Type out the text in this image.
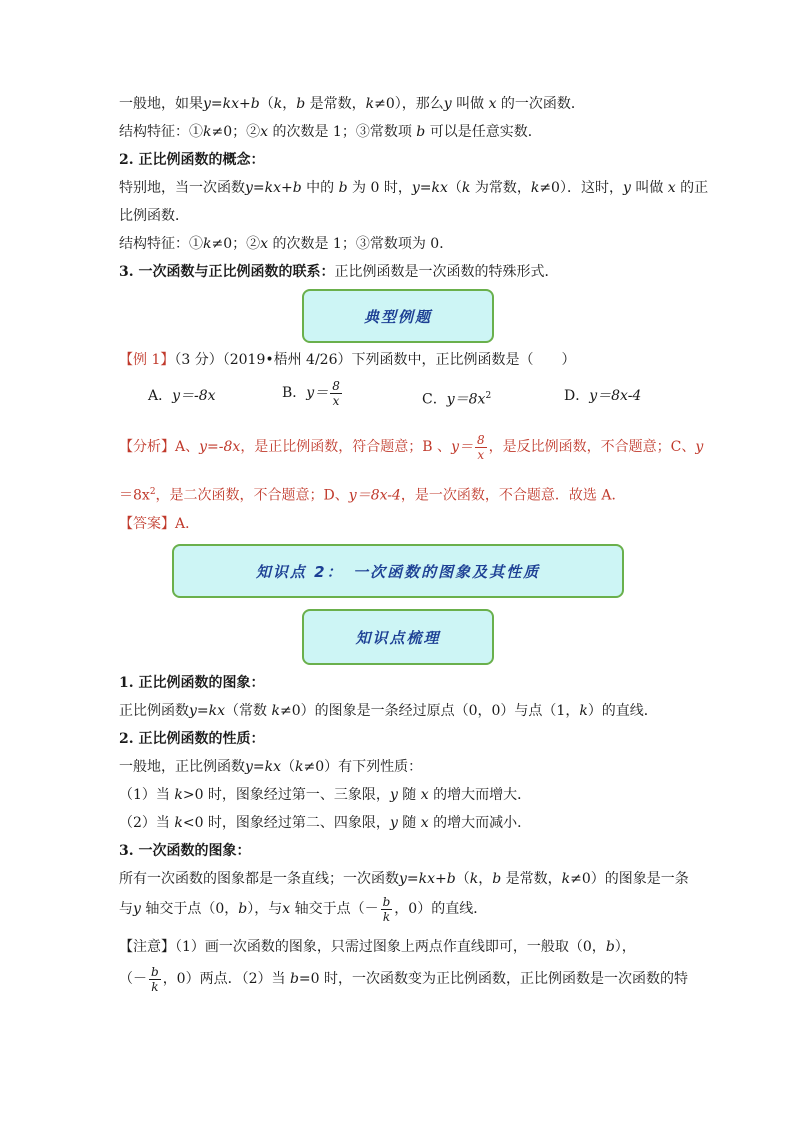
一般地，如果y=kx+b（k，b 是常数，k≠0），那么y 叫做 x 的一次函数．
结构特征：①k≠0；②x 的次数是 1；③常数项 b 可以是任意实数．
2. 正比例函数的概念：
特别地，当一次函数y=kx+b 中的 b 为 0 时，y=kx（k 为常数，k≠0）．这时，y 叫做 x 的正
比例函数．
结构特征：①k≠0；②x 的次数是 1；③常数项为 0．
3. 一次函数与正比例函数的联系：正比例函数是一次函数的特殊形式．
典型例题
【例 1】（3 分）（2019•梧州 4/26）下列函数中，正比例函数是（　　）
A．y＝-8x	B．$y= \frac{8}{x}$	C．$y=8x^2$	D．y＝8x-4
【分析】A、y=-8x，是正比例函数，符合题意；B 、$y= \frac{8}{x}$ ，是反比例函数，不合题意；C、y
$=8x^2$，是二次函数，不合题意；D、y＝8x-4，是一次函数，不合题意．故选 A．
【答案】A．
知识点 2：　一次函数的图象及其性质
知识点梳理
1. 正比例函数的图象：
正比例函数y=kx（常数 k≠0）的图象是一条经过原点（0，0）与点（1，k）的直线．
2. 正比例函数的性质：
一般地，正比例函数y=kx（k≠0）有下列性质：
（1）当 k>0 时，图象经过第一、三象限，y 随 x 的增大而增大．
（2）当 k<0 时，图象经过第二、四象限，y 随 x 的增大而减小．
3. 一次函数的图象：
所有一次函数的图象都是一条直线；一次函数y=kx+b（k，b 是常数，k≠0）的图象是一条
与y 轴交于点（0，b），与x 轴交于点（－ $\frac{b}{k}$ ，0）的直线．
【注意】（1）画一次函数的图象，只需过图象上两点作直线即可，一般取（0，b），
（－ $\frac{b}{k}$ ，0）两点．（2）当 b=0 时，一次函数变为正比例函数，正比例函数是一次函数的特
